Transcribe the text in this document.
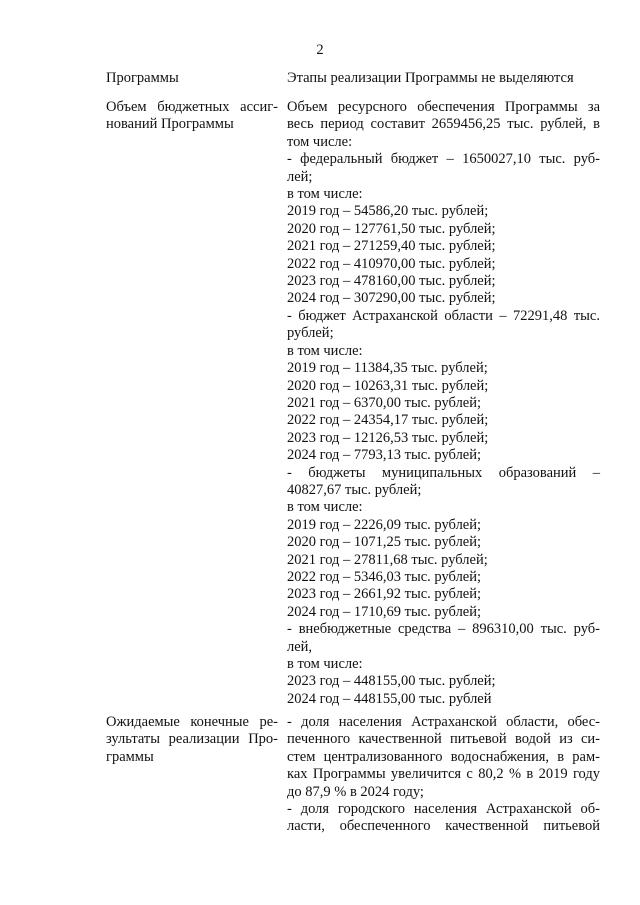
2
Программы	Этапы реализации Программы не выделяются
Объем бюджетных ассиг-
нований Программы
Объем ресурсного обеспечения Программы за
весь период составит 2659456,25 тыс. рублей, в
том числе:
- федеральный бюджет – 1650027,10 тыс. руб-
лей;
в том числе:
2019 год – 54586,20 тыс. рублей;
2020 год – 127761,50 тыс. рублей;
2021 год – 271259,40 тыс. рублей;
2022 год – 410970,00 тыс. рублей;
2023 год – 478160,00 тыс. рублей;
2024 год – 307290,00 тыс. рублей;
- бюджет Астраханской области – 72291,48 тыс.
рублей;
в том числе:
2019 год – 11384,35 тыс. рублей;
2020 год – 10263,31 тыс. рублей;
2021 год – 6370,00 тыс. рублей;
2022 год – 24354,17 тыс. рублей;
2023 год – 12126,53 тыс. рублей;
2024 год – 7793,13 тыс. рублей;
- бюджеты муниципальных образований –
40827,67 тыс. рублей;
в том числе:
2019 год – 2226,09 тыс. рублей;
2020 год – 1071,25 тыс. рублей;
2021 год – 27811,68 тыс. рублей;
2022 год – 5346,03 тыс. рублей;
2023 год – 2661,92 тыс. рублей;
2024 год – 1710,69 тыс. рублей;
- внебюджетные средства – 896310,00 тыс. руб-
лей,
в том числе:
2023 год – 448155,00 тыс. рублей;
2024 год – 448155,00 тыс. рублей
Ожидаемые конечные ре-
зультаты реализации Про-
граммы
- доля населения Астраханской области, обес-
печенного качественной питьевой водой из си-
стем централизованного водоснабжения, в рам-
ках Программы увеличится с 80,2 % в 2019 году
до 87,9 % в 2024 году;
- доля городского населения Астраханской об-
ласти, обеспеченного качественной питьевой
